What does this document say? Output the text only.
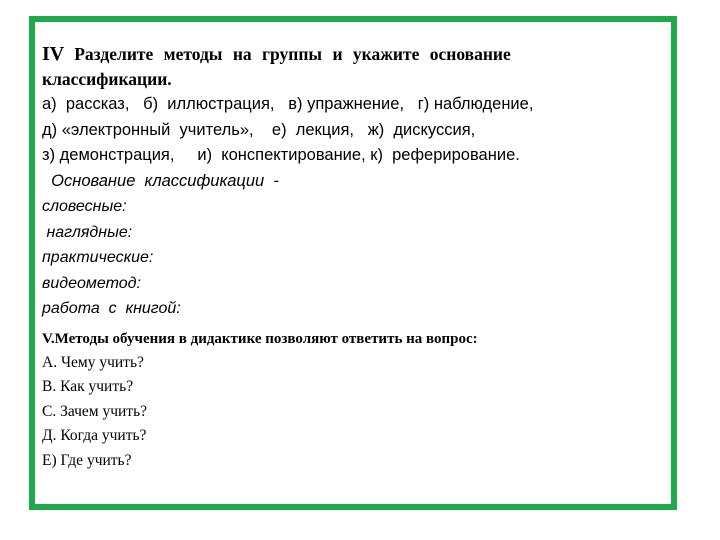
IV Разделите методы на группы и укажите основание
классификации.
а)  рассказ,   б)  иллюстрация,   в) упражнение,   г) наблюдение,
д) «электронный  учитель»,    е)  лекция,   ж)  дискуссия,
з) демонстрация,     и)  конспектирование, к)  реферирование.
Основание  классификации  -
словесные:
наглядные:
практические:
видеометод:
работа  с  книгой:
V.Методы обучения в дидактике позволяют ответить на вопрос:
А. Чему учить?
В. Как учить?
С. Зачем учить?
Д. Когда учить?
Е) Где учить?
